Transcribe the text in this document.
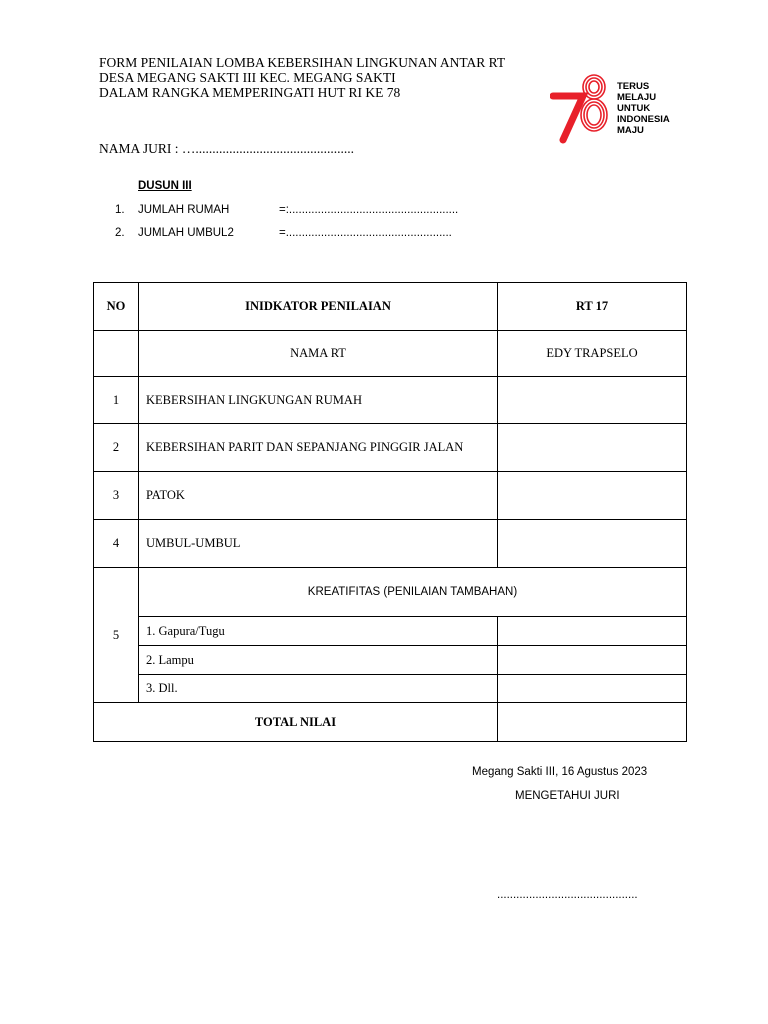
FORM PENILAIAN LOMBA KEBERSIHAN LINGKUNAN ANTAR RT
DESA MEGANG SAKTI III KEC. MEGANG SAKTI
DALAM RANGKA MEMPERINGATI HUT RI KE 78	TERUS
MELAJU
UNTUK
INDONESIA
MAJU
NAMA JURI : …...............................................
DUSUN III
1. JUMLAH RUMAH	=:.....................................................
2. JUMLAH UMBUL2	=....................................................
NO	INIDKATOR PENILAIAN	RT 17
	NAMA RT	EDY TRAPSELO
1	KEBERSIHAN LINGKUNGAN RUMAH	
2	KEBERSIHAN PARIT DAN SEPANJANG PINGGIR JALAN	
3	PATOK	
4	UMBUL-UMBUL	
5	KREATIFITAS (PENILAIAN TAMBAHAN)	
	1. Gapura/Tugu	
	2. Lampu	
	3. Dll.	
TOTAL NILAI		
Megang Sakti III, 16 Agustus 2023
MENGETAHUI JURI
............................................
